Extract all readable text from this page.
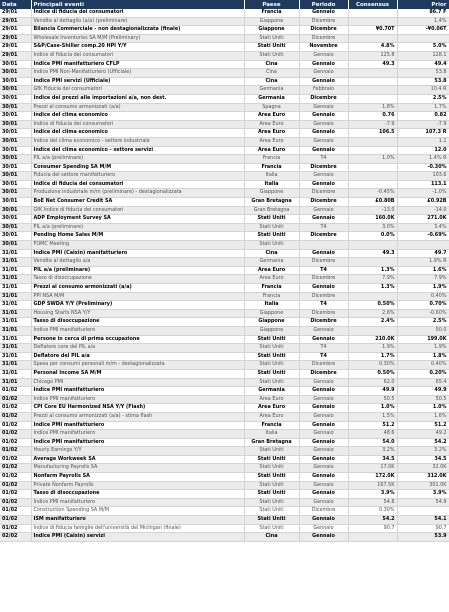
Data	Principali eventi	Paese	Periodo	Consensus	Prior
29/01	Indice di fiducia dei consumatori	Francia	Gennaio		86.7 F
29/01	Vendite al dettaglio (a/a) (preliminare)	Giappone	Dicembre		1.4%
29/01	Bilancia Commerciale - non destagionalizzata (finale)	Giappone	Dicembre	¥0.70T	-¥0.06T
29/01	Wholesale Inventories SA M/M (Preliminary)	Stati Uniti	Dicembre		
29/01	S&P/Case-Shiller comp.20 HPI Y/Y	Stati Uniti	Novembre	4.8%	5.0%
29/01	Indice di fiducia dei consumatori	Stati Uniti	Gennaio	125.8	128.1
30/01	Indice PMI manifatturiero CFLP	Cina	Gennaio	49.3	49.4
30/01	Indice PMI Non-Manifatturiero (Ufficiale)	Cina	Gennaio		53.8
30/01	Indice PMI servizi (Ufficiale)	Cina	Gennaio		53.8
30/01	GfK Fiducia dei consumatori	Germania	Febbraio		10.4 R
30/01	Indice dei prezzi alle importazioni a/a, non dest.	Germania	Dicembre		2.5%
30/01	Prezzi al consumo armonizzati (a/a)	Spagna	Gennaio	1.8%	1.7%
30/01	Indice del clima economico	Area Euro	Gennaio	0.76	0.82
30/01	Indice di fiducia dei consumatori	Area Euro	Gennaio	-7.9	-7.9
30/01	Indice del clima economico	Area Euro	Gennaio	106.5	107.3 R
30/01	Indice del clima economico - settore industriale	Area Euro	Gennaio		1.1
30/01	Indice del clima economico - settore servizi	Area Euro	Gennaio		12.0
30/01	PIL a/a (preliminare)	Francia	T4	1.0%	1.4% R
30/01	Consumer Spending SA M/M	Francia	Dicembre		-0.30%
30/01	Fiducia del settore manifatturiero	Italia	Gennaio		103.6
30/01	Indice di fiducia dei consumatori	Italia	Gennaio		113.1
30/01	Produzione industriale m/m (preliminare) - destagionalizzata	Giappone	Dicembre	-0.45%	-1.0%
30/01	BoE Net Consumer Credit SA	Gran Bretagna	Dicembre	£0.80B	£0.92B
30/01	GfK Indice di fiducia dei consumatori	Gran Bretagna	Gennaio	-13.0	-14.0
30/01	ADP Employment Survey SA	Stati Uniti	Gennaio	160.0K	271.0K
30/01	PIL a/a (preliminare)	Stati Uniti	T4	3.0%	3.4%
30/01	Pending Home Sales M/M	Stati Uniti	Dicembre	0.0%	-0.69%
30/01	FOMC Meeting	Stati Uniti			
31/01	Indice PMI (Caixin) manifatturiero	Cina	Gennaio	49.3	49.7
31/01	Vendite al dettaglio a/a	Germania	Dicembre		1.9% R
31/01	PIL a/a (preliminare)	Area Euro	T4	1.3%	1.6%
31/01	Tasso di disoccupazione	Area Euro	Dicembre	7.9%	7.9%
31/01	Prezzi al consumo armonizzati (a/a)	Francia	Gennaio	1.3%	1.9%
31/01	PPI NSA M/M	Francia	Dicembre		0.40%
31/01	GDP SWDA Y/Y (Preliminary)	Italia	T4	0.50%	0.70%
31/01	Housing Starts NSA Y/Y	Giappone	Dicembre	2.6%	-0.60%
31/01	Tasso di disoccupazione	Giappone	Dicembre	2.4%	2.5%
31/01	Indice PMI manifatturiero	Giappone	Gennaio		50.0
31/01	Persone in cerca di prima occupazione	Stati Uniti	Gennaio	210.0K	199.0K
31/01	Deflatore core del PIL a/a	Stati Uniti	T4	1.9%	1.9%
31/01	Deflatore del PIL a/a	Stati Uniti	T4	1.7%	1.8%
31/01	Spesa per consumi personali m/m - destagionalizzata	Stati Uniti	Dicembre	0.30%	0.40%
31/01	Personal Income SA M/M	Stati Uniti	Dicembre	0.50%	0.20%
31/01	Chicago PMI	Stati Uniti	Gennaio	62.0	65.4
01/02	Indice PMI manifatturiero	Germania	Gennaio	49.9	49.9
01/02	Indice PMI manifatturiero	Area Euro	Gennaio	50.5	50.5
01/02	CPI Core EU Harmonized NSA Y/Y (Flash)	Area Euro	Gennaio	1.0%	1.0%
01/02	Prezzi al consumo armonizzati (a/a) - stima flash	Area Euro	Gennaio	1.5%	1.6%
01/02	Indice PMI manifatturiero	Francia	Gennaio	51.2	51.2
01/02	Indice PMI manifatturiero	Italia	Gennaio	48.6	49.2
01/02	Indice PMI manifatturiero	Gran Bretagna	Gennaio	54.0	54.2
01/02	Hourly Earnings Y/Y	Stati Uniti	Gennaio	3.2%	3.2%
01/02	Average Workweek SA	Stati Uniti	Gennaio	34.5	34.5
01/02	Manufacturing Payrolls SA	Stati Uniti	Gennaio	17.0K	32.0K
01/02	Nonfarm Payrolls SA	Stati Uniti	Gennaio	172.0K	312.0K
01/02	Private Nonfarm Payrolls	Stati Uniti	Gennaio	167.5K	301.0K
01/02	Tasso di disoccupazione	Stati Uniti	Gennaio	3.9%	3.9%
01/02	Indice PMI manifatturiero	Stati Uniti	Gennaio	54.8	54.9
01/02	Construction Spending SA M/M	Stati Uniti	Dicembre	0.30%	
01/02	ISM manifatturiero	Stati Uniti	Gennaio	54.2	54.1
01/02	Indice di fiducia famiglie dell'università del Michigan (finale)	Stati Uniti	Gennaio	90.7	90.7
02/02	Indice PMI (Caixin) servizi	Cina	Gennaio		53.9
